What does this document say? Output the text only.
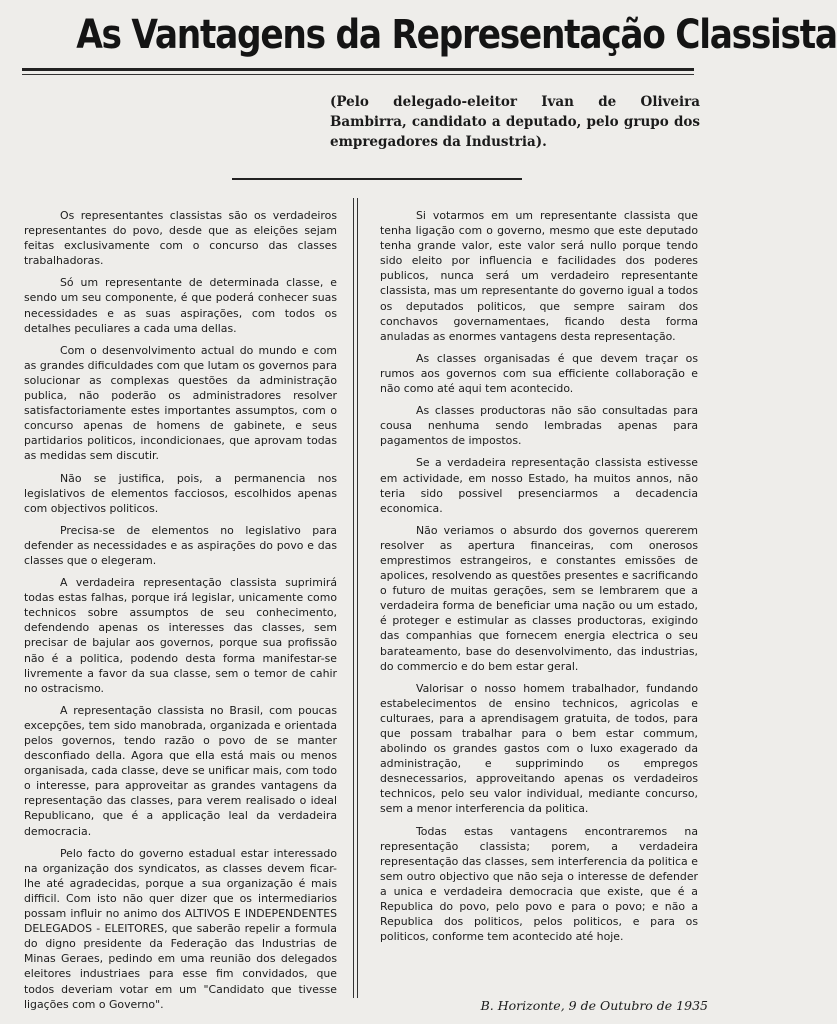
As Vantagens da Representação Classista
(Pelo delegado-eleitor Ivan de Oliveira Bambirra, candidato a deputado, pelo grupo dos empregadores da Industria).

Os representantes classistas são os verdadeiros representantes do povo, desde que as eleições sejam feitas exclusivamente com o concurso das classes trabalhadoras.

Só um representante de determinada classe, e sendo um seu componente, é que poderá conhecer suas necessidades e as suas aspirações, com todos os detalhes peculiares a cada uma dellas.

Com o desenvolvimento actual do mundo e com as grandes dificuldades com que lutam os governos para solucionar as complexas questões da administração publica, não poderão os administradores resolver satisfactoriamente estes importantes assumptos, com o concurso apenas de homens de gabinete, e seus partidarios politicos, incondicionaes, que aprovam todas as medidas sem discutir.

Não se justifica, pois, a permanencia nos legislativos de elementos facciosos, escolhidos apenas com objectivos politicos.

Precisa-se de elementos no legislativo para defender as necessidades e as aspirações do povo e das classes que o elegeram.

A verdadeira representação classista suprimirá todas estas falhas, porque irá legislar, unicamente como technicos sobre assumptos de seu conhecimento, defendendo apenas os interesses das classes, sem precisar de bajular aos governos, porque sua profissão não é a politica, podendo desta forma manifestar-se livremente a favor da sua classe, sem o temor de cahir no ostracismo.

A representação classista no Brasil, com poucas excepções, tem sido manobrada, organizada e orientada pelos governos, tendo razão o povo de se manter desconfiado della. Agora que ella está mais ou menos organisada, cada classe, deve se unificar mais, com todo o interesse, para approveitar as grandes vantagens da representação das classes, para verem realisado o ideal Republicano, que é a applicação leal da verdadeira democracia.

Pelo facto do governo estadual estar interessado na organização dos syndicatos, as classes devem ficar-lhe até agradecidas, porque a sua organização é mais difficil. Com isto não quer dizer que os intermediarios possam influir no animo dos ALTIVOS E INDEPENDENTES DELEGADOS - ELEITORES, que saberão repelir a formula do digno presidente da Federação das Industrias de Minas Geraes, pedindo em uma reunião dos delegados eleitores industriaes para esse fim convidados, que todos deveriam votar em um "Candidato que tivesse ligações com o Governo".

Si votarmos em um representante classista que tenha ligação com o governo, mesmo que este deputado tenha grande valor, este valor será nullo porque tendo sido eleito por influencia e facilidades dos poderes publicos, nunca será um verdadeiro representante classista, mas um representante do governo igual a todos os deputados politicos, que sempre sairam dos conchavos governamentaes, ficando desta forma anuladas as enormes vantagens desta representação.

As classes organisadas é que devem traçar os rumos aos governos com sua efficiente collaboração e não como até aqui tem acontecido.

As classes productoras não são consultadas para cousa nenhuma sendo lembradas apenas para pagamentos de impostos.

Se a verdadeira representação classista estivesse em actividade, em nosso Estado, ha muitos annos, não teria sido possivel presenciarmos a decadencia economica.

Não veriamos o absurdo dos governos quererem resolver as apertura financeiras, com onerosos emprestimos estrangeiros, e constantes emissões de apolices, resolvendo as questões presentes e sacrificando o futuro de muitas gerações, sem se lembrarem que a verdadeira forma de beneficiar uma nação ou um estado, é proteger e estimular as classes productoras, exigindo das companhias que fornecem energia electrica o seu barateamento, base do desenvolvimento, das industrias, do commercio e do bem estar geral.

Valorisar o nosso homem trabalhador, fundando estabelecimentos de ensino technicos, agricolas e culturaes, para a aprendisagem gratuita, de todos, para que possam trabalhar para o bem estar commum, abolindo os grandes gastos com o luxo exagerado da administração, e supprimindo os empregos desnecessarios, approveitando apenas os verdadeiros technicos, pelo seu valor individual, mediante concurso, sem a menor interferencia da politica.

Todas estas vantagens encontraremos na representação classista; porem, a verdadeira representação das classes, sem interferencia da politica e sem outro objectivo que não seja o interesse de defender a unica e verdadeira democracia que existe, que é a Republica do povo, pelo povo e para o povo; e não a Republica dos politicos, pelos politicos, e para os politicos, conforme tem acontecido até hoje.

B. Horizonte, 9 de Outubro de 1935
